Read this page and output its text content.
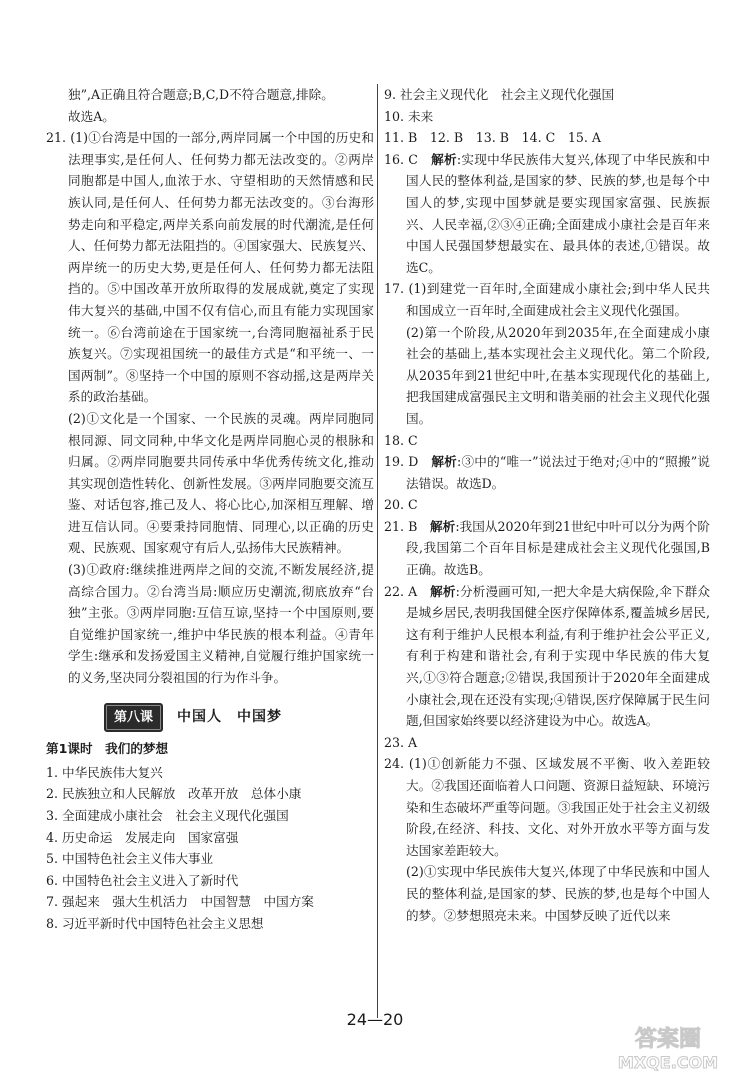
独”,A正确且符合题意;B,C,D不符合题意,排除。

故选A。

21. (1)①台湾是中国的一部分,两岸同属一个中国的历史和法理事实,是任何人、任何势力都无法改变的。②两岸同胞都是中国人,血浓于水、守望相助的天然情感和民族认同,是任何人、任何势力都无法改变的。③台海形势走向和平稳定,两岸关系向前发展的时代潮流,是任何人、任何势力都无法阻挡的。④国家强大、民族复兴、两岸统一的历史大势,更是任何人、任何势力都无法阻挡的。⑤中国改革开放所取得的发展成就,奠定了实现伟大复兴的基础,中国不仅有信心,而且有能力实现国家统一。⑥台湾前途在于国家统一,台湾同胞福祉系于民族复兴。⑦实现祖国统一的最佳方式是“和平统一、一国两制”。⑧坚持一个中国的原则不容动摇,这是两岸关系的政治基础。

(2)①文化是一个国家、一个民族的灵魂。两岸同胞同根同源、同文同种,中华文化是两岸同胞心灵的根脉和归属。②两岸同胞要共同传承中华优秀传统文化,推动其实现创造性转化、创新性发展。③两岸同胞要交流互鉴、对话包容,推己及人、将心比心,加深相互理解、增进互信认同。④要秉持同胞情、同理心,以正确的历史观、民族观、国家观守有后人,弘扬伟大民族精神。

(3)①政府:继续推进两岸之间的交流,不断发展经济,提高综合国力。②台湾当局:顺应历史潮流,彻底放弃“台独”主张。③两岸同胞:互信互谅,坚持一个中国原则,要自觉维护国家统一,维护中华民族的根本利益。④青年学生:继承和发扬爱国主义精神,自觉履行维护国家统一的义务,坚决同分裂祖国的行为作斗争。

第八课	中国人　中国梦

第1课时　我们的梦想

1. 中华民族伟大复兴

2. 民族独立和人民解放　改革开放　总体小康

3. 全面建成小康社会　社会主义现代化强国

4. 历史命运　发展走向　国家富强

5. 中国特色社会主义伟大事业

6. 中国特色社会主义进入了新时代

7. 强起来　强大生机活力　中国智慧　中国方案

8. 习近平新时代中国特色社会主义思想

9. 社会主义现代化　社会主义现代化强国

10. 未来

11. B　12. B　13. B　14. C　15. A

16. C　解析:实现中华民族伟大复兴,体现了中华民族和中国人民的整体利益,是国家的梦、民族的梦,也是每个中国人的梦,实现中国梦就是要实现国家富强、民族振兴、人民幸福,②③④正确;全面建成小康社会是百年来中国人民强国梦想最实在、最具体的表述,①错误。故选C。

17. (1)到建党一百年时,全面建成小康社会;到中华人民共和国成立一百年时,全面建成社会主义现代化强国。

(2)第一个阶段,从2020年到2035年,在全面建成小康社会的基础上,基本实现社会主义现代化。第二个阶段,从2035年到21世纪中叶,在基本实现现代化的基础上,把我国建成富强民主文明和谐美丽的社会主义现代化强国。

18. C

19. D　解析:③中的“唯一”说法过于绝对;④中的“照搬”说法错误。故选D。

20. C

21. B　解析:我国从2020年到21世纪中叶可以分为两个阶段,我国第二个百年目标是建成社会主义现代化强国,B正确。故选B。

22. A　解析:分析漫画可知,一把大伞是大病保险,伞下群众是城乡居民,表明我国健全医疗保障体系,覆盖城乡居民,这有利于维护人民根本利益,有利于维护社会公平正义,有利于构建和谐社会,有利于实现中华民族的伟大复兴,①③符合题意;②错误,我国预计于2020年全面建成小康社会,现在还没有实现;④错误,医疗保障属于民生问题,但国家始终要以经济建设为中心。故选A。

23. A

24. (1)①创新能力不强、区域发展不平衡、收入差距较大。②我国还面临着人口问题、资源日益短缺、环境污染和生态破坏严重等问题。③我国正处于社会主义初级阶段,在经济、科技、文化、对外开放水平等方面与发达国家差距较大。

(2)①实现中华民族伟大复兴,体现了中华民族和中国人民的整体利益,是国家的梦、民族的梦,也是每个中国人的梦。②梦想照亮未来。中国梦反映了近代以来

24—20
答案圈
MXQE.COM
